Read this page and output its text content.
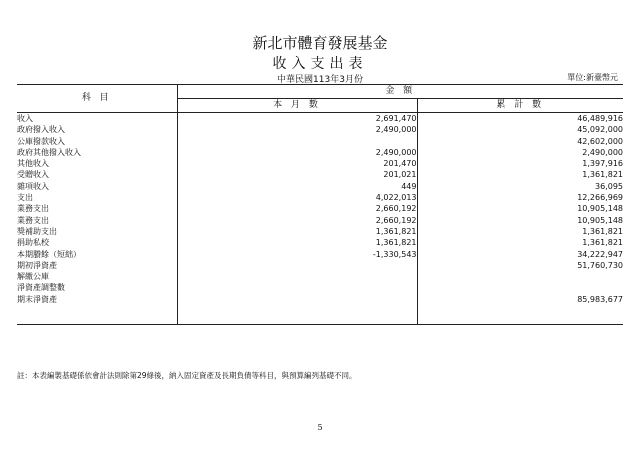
新北市體育發展基金
收入支出表
中華民國113年3月份	單位:新臺幣元
科 目	金 額	
	本 月 數	累 計 數
收入	2,691,470	46,489,916
政府撥入收入	2,490,000	45,092,000
公庫撥款收入		42,602,000
政府其他撥入收入	2,490,000	2,490,000
其他收入	201,470	1,397,916
受贈收入	201,021	1,361,821
雜項收入	449	36,095
支出	4,022,013	12,266,969
業務支出	2,660,192	10,905,148
業務支出	2,660,192	10,905,148
獎補助支出	1,361,821	1,361,821
捐助私校	1,361,821	1,361,821
本期賸餘（短絀）	-1,330,543	34,222,947
期初淨資產		51,760,730
解繳公庫		
淨資產調整數		
期末淨資產		85,983,677
註：本表編製基礎係依會計法則除第29條後，納入固定資產及長期負債等科目，與預算編列基礎不同。
5
